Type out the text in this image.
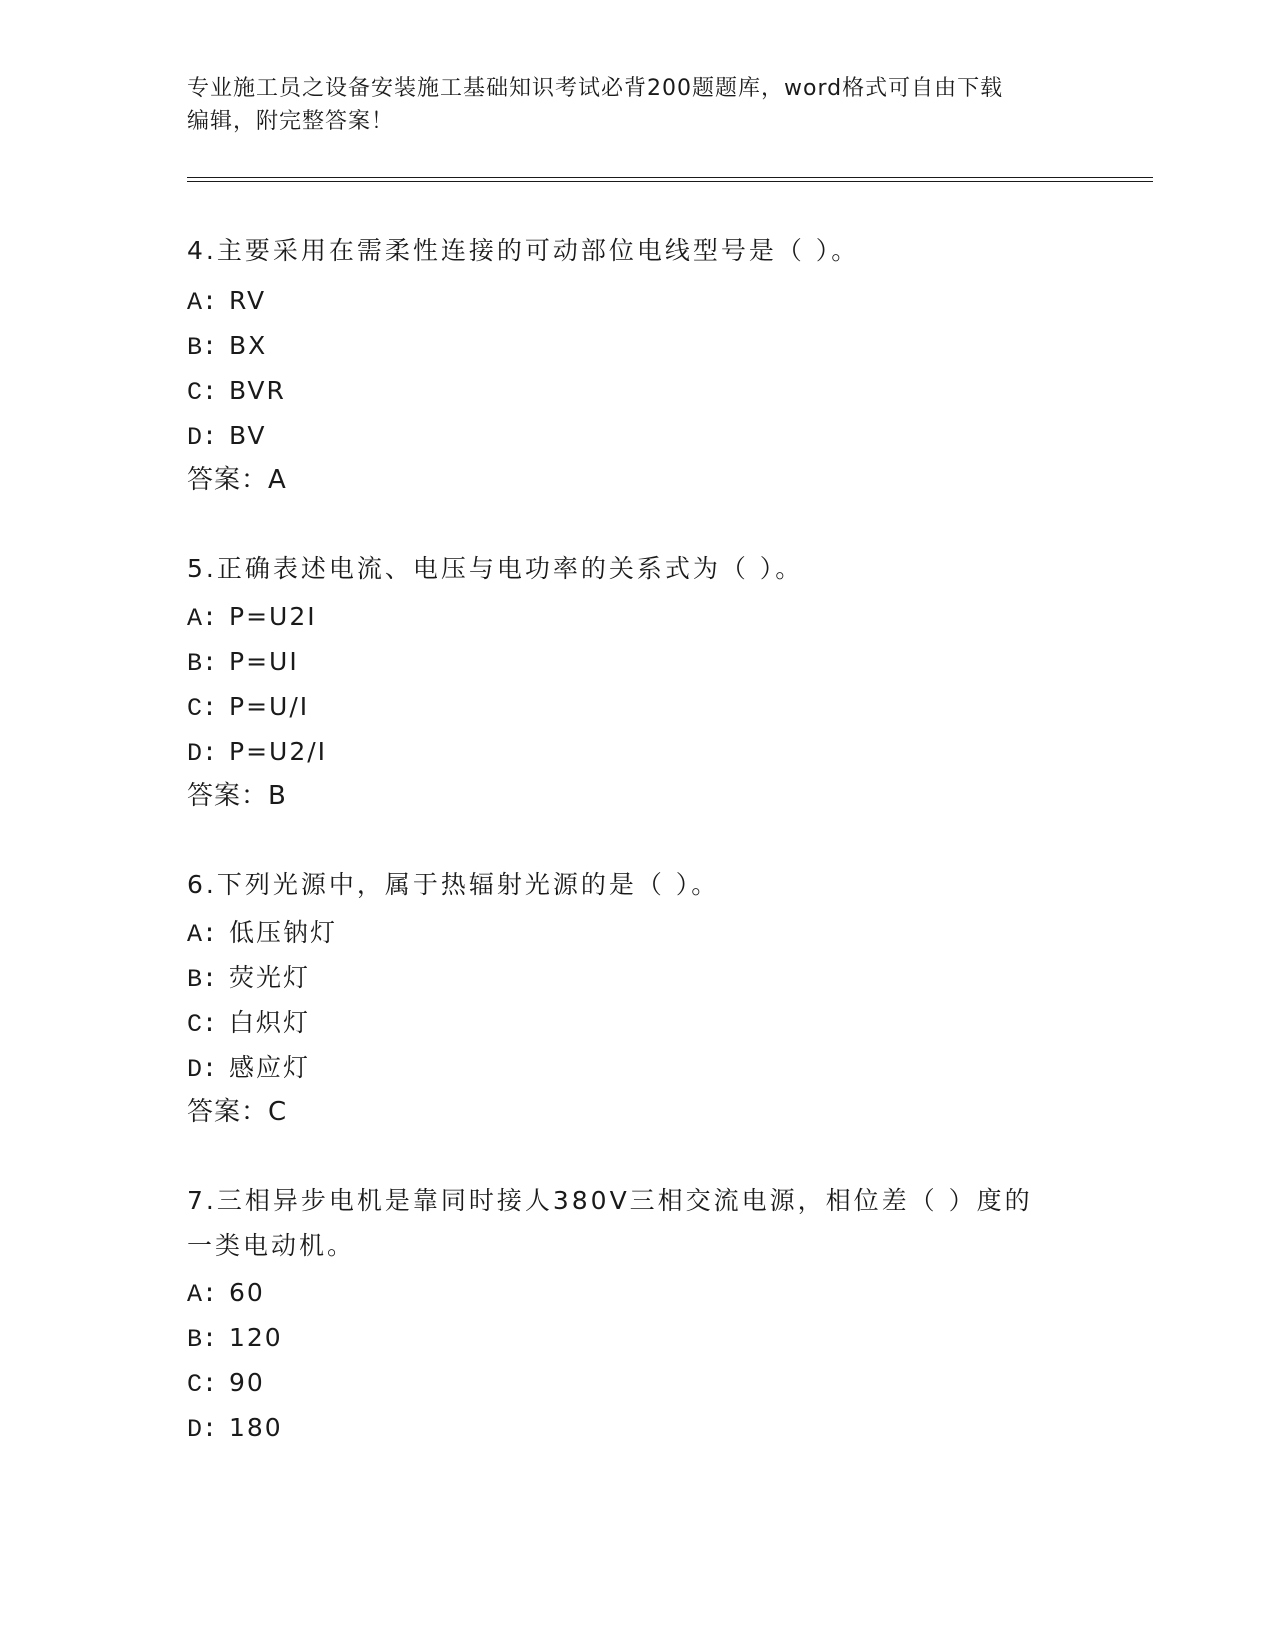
专业施工员之设备安装施工基础知识考试必背200题题库，word格式可自由下载
编辑，附完整答案！
4.主要采用在需柔性连接的可动部位电线型号是（ ）。
A: RV
B: BX
C: BVR
D: BV
答案：A
5.正确表述电流、电压与电功率的关系式为（ ）。
A: P=U2I
B: P=UI
C: P=U/I
D: P=U2/I
答案：B
6.下列光源中，属于热辐射光源的是（ ）。
A: 低压钠灯
B: 荧光灯
C: 白炽灯
D: 感应灯
答案：C
7.三相异步电机是靠同时接人380V三相交流电源，相位差（ ）度的
一类电动机。
A: 60
B: 120
C: 90
D: 180
